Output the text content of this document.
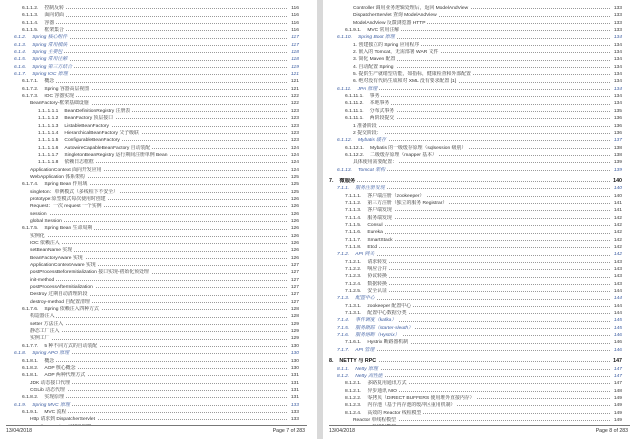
6.1.1.2. 控制反转	116
6.1.1.3. 面向切面	116
6.1.1.4. 容器	116
6.1.1.5. 框架集合	116
6.1.2. Spring 核心组件	117
6.1.3. Spring 常用模块	117
6.1.4. Spring 主要包	118
6.1.5. Spring 常用注解	118
6.1.6. Spring 第三方结合	119
6.1.7. Spring IOC 原理	121
6.1.7.1. 概念	121
6.1.7.2. Spring 容器高层视图	121
6.1.7.3. IOC 容器实现	122
BeanFactory-框架基础设施	122
1.1..1.1.1 BeanDefinitionRegistry 注册表	123
1.1..1.1.2 BeanFactory 顶层接口	123
1.1..1.1.3 ListableBeanFactory	123
1.1..1.1.4 HierarchicalBeanFactory 父子级联	123
1.1..1.1.5 ConfigurableBeanFactory	123
1.1..1.1.6 AutowireCapableBeanFactory 自动装配	124
1.1..1.1.7 SingletonBeanRegistry 运行期间注册单例 Bean	124
1.1..1.1.8 依赖日志框框	124
ApplicationContext 面向开发应用	124
WebApplication 体系架构	125
6.1.7.4. Spring Bean 作用域	125
singleton：单例模式（多线程下不安全）	125
prototype:原型模式每次使用时创建	126
Request：一次 request 一个实例	126
session	126
global Session	126
6.1.7.5. Spring Bean 生命周期	126
实例化	126
IOC 依赖注入	126
setBeanName 实现	126
BeanFactoryAware 实现	126
ApplicationContextAware 实现	127
postProcessBeforeInitialization 接口实现-初始化预处理	127
init-method	127
postProcessAfterInitialization	127
Destroy 过期自动清理阶段	127
destroy-method 自配置清理	127
6.1.7.6. Spring 依赖注入四种方式	128
构造器注入	128
setter 方法注入	129
静态工厂注入	129
实例工厂	129
6.1.7.7. 5 种不同方式的自动装配	130
6.1.8. Spring APO 原理	130
6.1.8.1. 概念	130
6.1.8.2. AOP 核心概念	130
6.1.8.1. AOP 两种代理方式	131
JDK 动态接口代理	131
CGLib 动态代理	131
6.1.8.2. 实现原理	131
6.1.9. Spring MVC 原理	133
6.1.9.1. MVC 流程	133
Http 请求到 DispatcherServlet	133
13/04/2018	Page 7 of 283
Controller 调用业务逻辑处理后，返回 ModelAndView	133
DispatcherServlet 查询 ModelAndView	133
ModelAndView 反馈浏览器 HTTP	133
6.1.9.1. MVC 常用注解	133
6.1.10. Spring Boot 原理	134
1. 创建独立的 Spring 应用程序	134
2. 嵌入的 Tomcat，无需部署 WAR 文件	134
3. 简化 Maven 配置	134
4. 自动配置 Spring	134
5. 提供生产就绪型功能，如指标，健康检查和外部配置	134
6. 绝对没有代码生成和对 XML 没有要求配置 [1]	134
6.1.11. JPA 原理	134
6.1.11.1. 事务	134
6.1.11.2. 本地事务	134
6.1.11.1. 分布式事务	135
6.1.11.1. 两阶段提交	136
1 准备阶段	136
2 提交阶段：	136
6.1.12. Mybatis 缓存	137
6.1.12.1. Mybatis 的一级缓存原理（sqlsession 级别）	138
6.1.12.2. 二级缓存原理（mapper 基本）	138
具体使用需要配置：	139
6.1.13. Tomcat 架构	139
7. 微服务	140
7.1.1. 服务注册发现	140
7.1.1.1. 客户端注册（zookeeper）	140
7.1.1.2. 第三方注册（独立的服务 Registrar）	141
7.1.1.3. 客户端发现	141
7.1.1.4. 服务端发现	142
7.1.1.5. Consul	142
7.1.1.6. Eureka	142
7.1.1.7. SmartStack	142
7.1.1.8. Etcd	142
7.1.2. API 网关	142
7.1.2.1. 请求转发	143
7.1.2.2. 响应合并	143
7.1.2.3. 协议转换	143
7.1.2.4. 数据转换	143
7.1.2.5. 安全认证	144
7.1.3. 配置中心	144
7.1.3.1. zookeeper 配置中心	144
7.1.3.1. 配置中心数据分类	144
7.1.4. 事件调度（kafka）	145
7.1.5. 服务跟踪（starter-sleuth）	145
7.1.6. 服务熔断（Hystrix）	146
7.1.6.1. Hystrix 断路器机制	146
7.1.7. API 管理	146
8. NETTY 与 RPC	147
8.1.1. Netty 原理	147
8.1.2. Netty 高性能	147
8.1.2.1. 多路复用通讯方式	147
8.1.2.1. 异步通讯 NIO	148
8.1.2.2. 零拷贝（DIRECT BUFFERS 使用堆外直接内存）	149
8.1.2.3. 内存池（基于内存池的缓冲区重用机制）	149
8.1.2.4. 高效的 Reactor 线程模型	149
Reactor 单线程模型	149
13/04/2018	Page 8 of 283
